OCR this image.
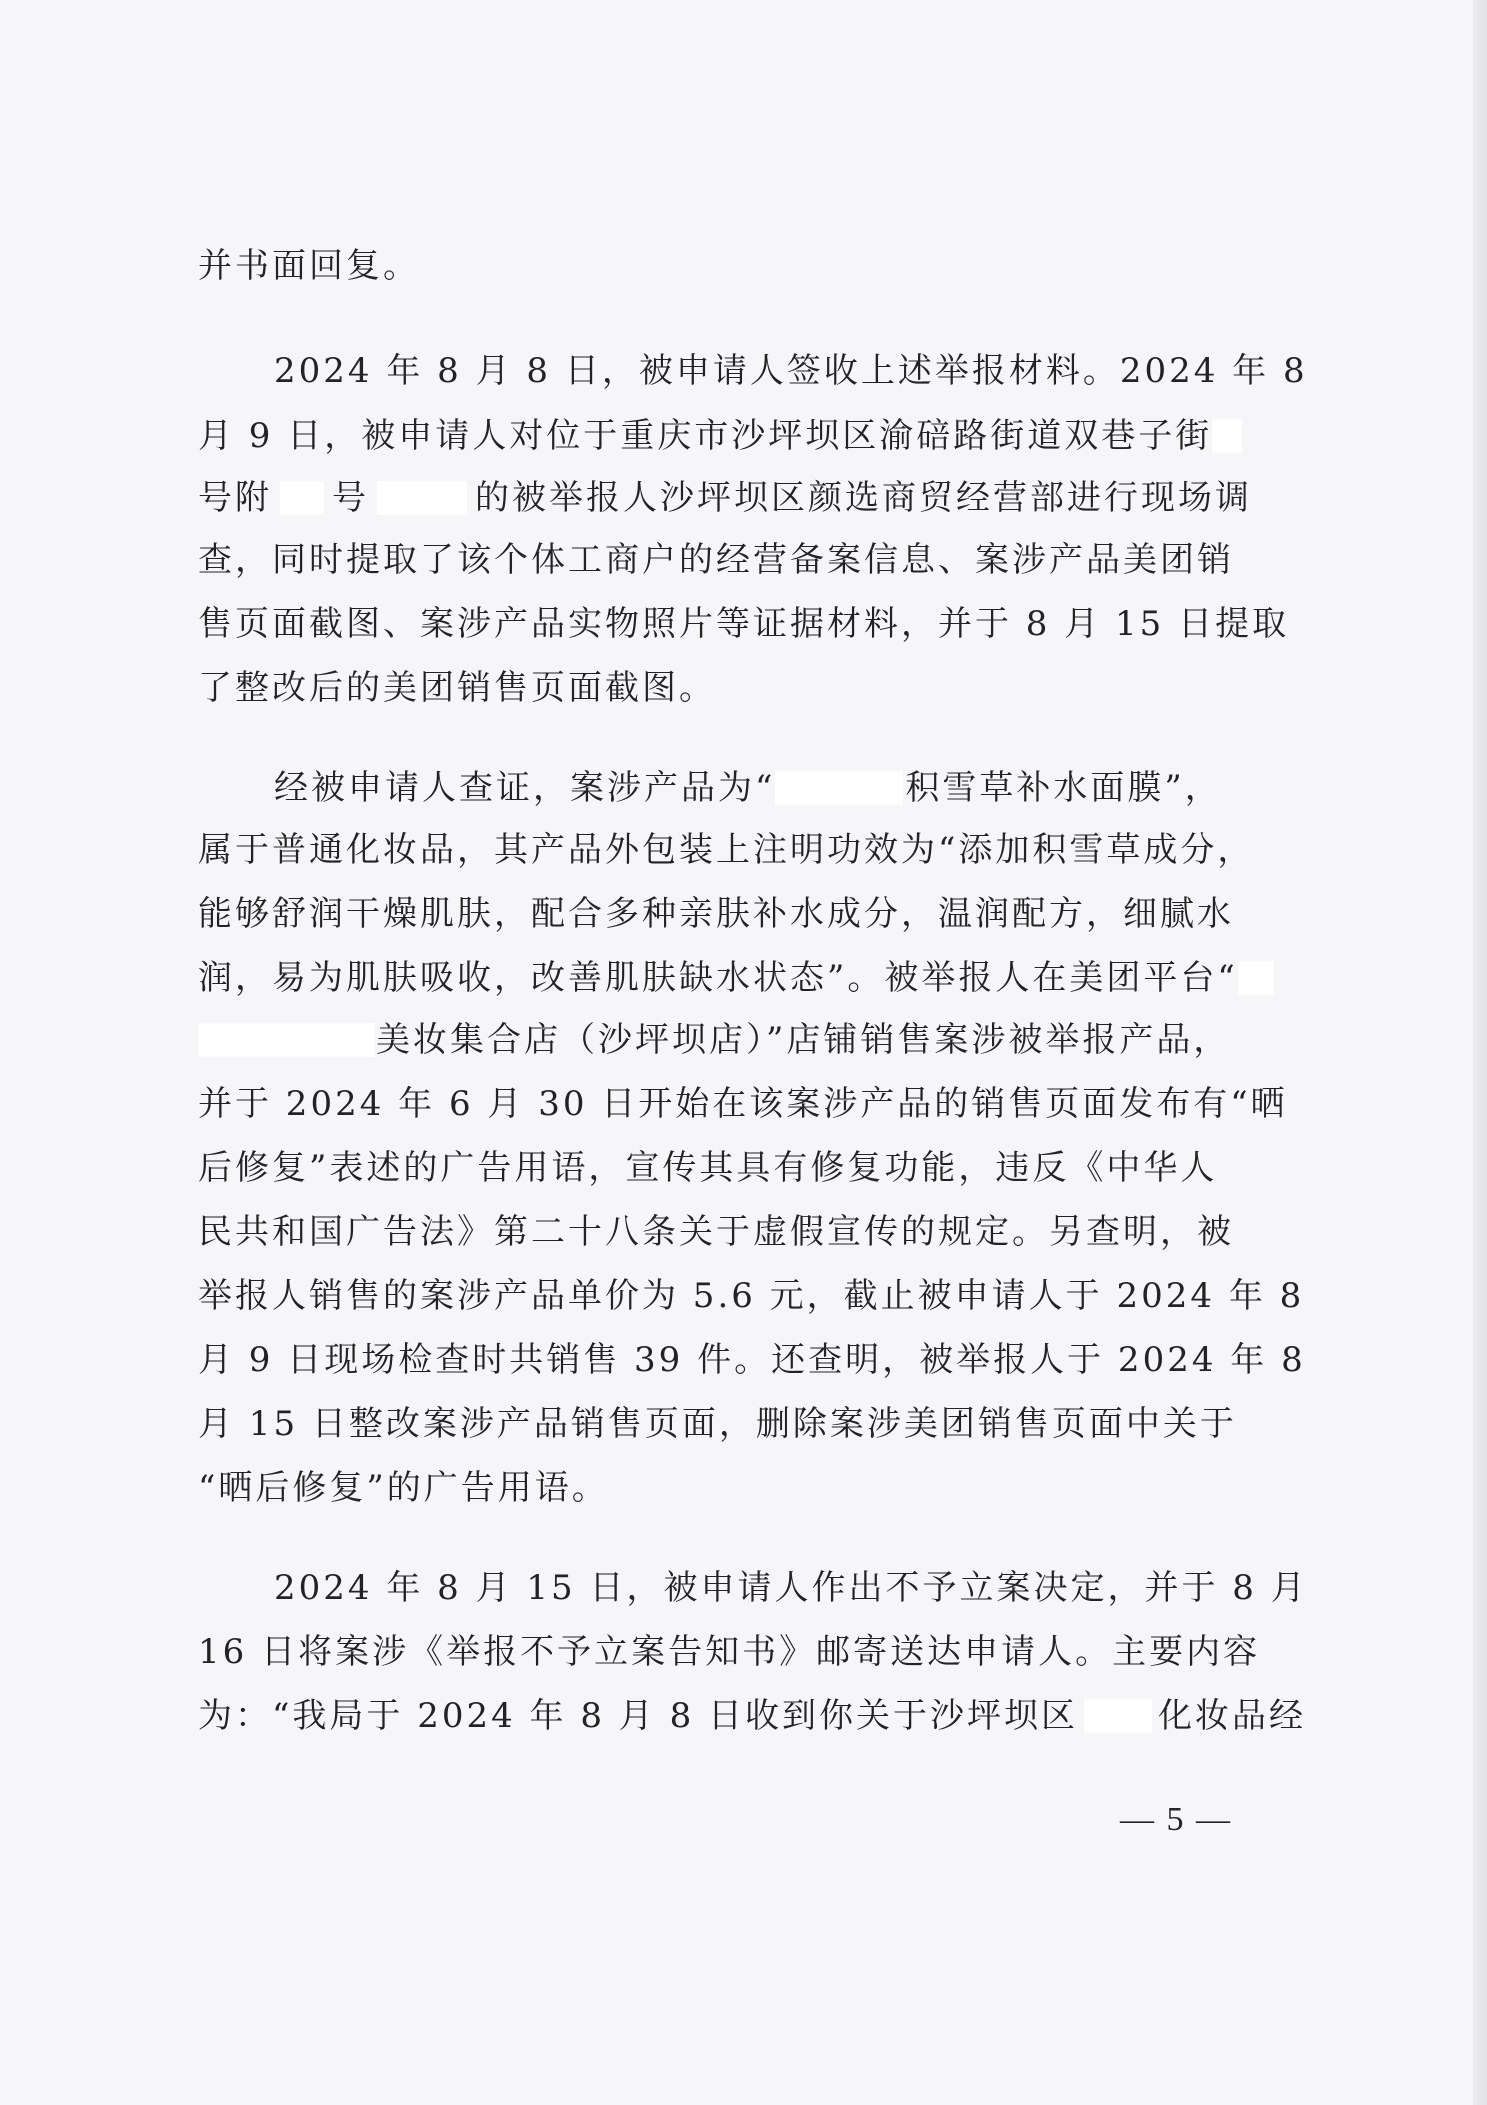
并书面回复。

2024 年 8 月 8 日，被申请人签收上述举报材料。2024 年 8

月 9 日，被申请人对位于重庆市沙坪坝区渝碚路街道双巷子街

号附 号	的被举报人沙坪坝区颜选商贸经营部进行现场调

查，同时提取了该个体工商户的经营备案信息、案涉产品美团销

售页面截图、案涉产品实物照片等证据材料，并于 8 月 15 日提取

了整改后的美团销售页面截图。

经被申请人查证，案涉产品为“	积雪草补水面膜”，

属于普通化妆品，其产品外包装上注明功效为“添加积雪草成分，

能够舒润干燥肌肤，配合多种亲肤补水成分，温润配方，细腻水

润，易为肌肤吸收，改善肌肤缺水状态”。被举报人在美团平台“

美妆集合店（沙坪坝店）”店铺销售案涉被举报产品，

并于 2024 年 6 月 30 日开始在该案涉产品的销售页面发布有“晒

后修复”表述的广告用语，宣传其具有修复功能，违反《中华人

民共和国广告法》第二十八条关于虚假宣传的规定。另查明，被

举报人销售的案涉产品单价为 5.6 元，截止被申请人于 2024 年 8

月 9 日现场检查时共销售 39 件。还查明，被举报人于 2024 年 8

月 15 日整改案涉产品销售页面，删除案涉美团销售页面中关于

“晒后修复”的广告用语。

2024 年 8 月 15 日，被申请人作出不予立案决定，并于 8 月

16 日将案涉《举报不予立案告知书》邮寄送达申请人。主要内容

为：“我局于 2024 年 8 月 8 日收到你关于沙坪坝区 化妆品经

— 5 —
